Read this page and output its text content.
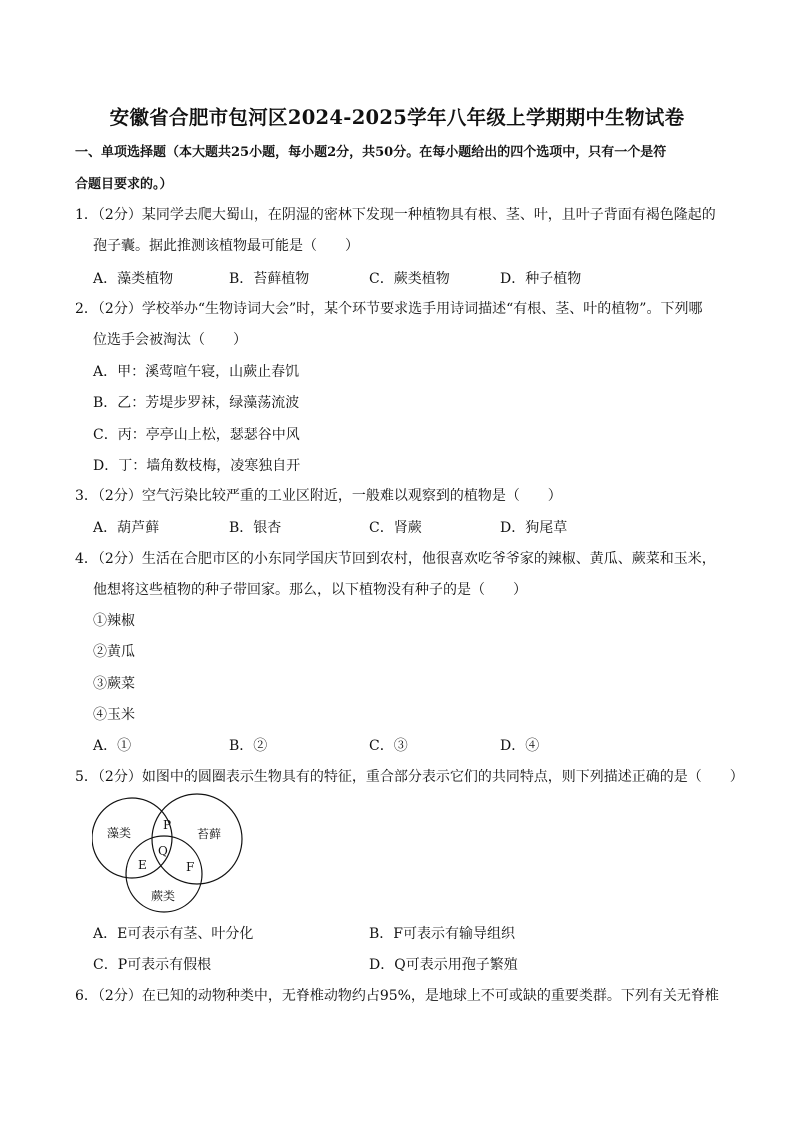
安徽省合肥市包河区2024-2025学年八年级上学期期中生物试卷
一、单项选择题（本大题共25小题，每小题2分，共50分。在每小题给出的四个选项中，只有一个是符
合题目要求的。）
1．（2分）某同学去爬大蜀山，在阴湿的密林下发现一种植物具有根、茎、叶，且叶子背面有褐色隆起的
孢子囊。据此推测该植物最可能是（　　）
A．藻类植物	B．苔藓植物	C．蕨类植物	D．种子植物
2．（2分）学校举办“生物诗词大会”时，某个环节要求选手用诗词描述“有根、茎、叶的植物”。下列哪
位选手会被淘汰（　　）
A．甲：溪莺喧午寝，山蕨止春饥
B．乙：芳堤步罗袜，绿藻荡流波
C．丙：亭亭山上松，瑟瑟谷中风
D．丁：墙角数枝梅，凌寒独自开
3．（2分）空气污染比较严重的工业区附近，一般难以观察到的植物是（　　）
A．葫芦藓	B．银杏	C．肾蕨	D．狗尾草
4．（2分）生活在合肥市区的小东同学国庆节回到农村，他很喜欢吃爷爷家的辣椒、黄瓜、蕨菜和玉米，
他想将这些植物的种子带回家。那么，以下植物没有种子的是（　　）
①辣椒
②黄瓜
③蕨菜
④玉米
A．①	B．②	C．③	D．④
5．（2分）如图中的圆圈表示生物具有的特征，重合部分表示它们的共同特点，则下列描述正确的是（　　）
藻类	苔藓
蕨类
P
Q
E	F
A．E可表示有茎、叶分化	B．F可表示有输导组织
C．P可表示有假根	D．Q可表示用孢子繁殖
6．（2分）在已知的动物种类中，无脊椎动物约占95%，是地球上不可或缺的重要类群。下列有关无脊椎
